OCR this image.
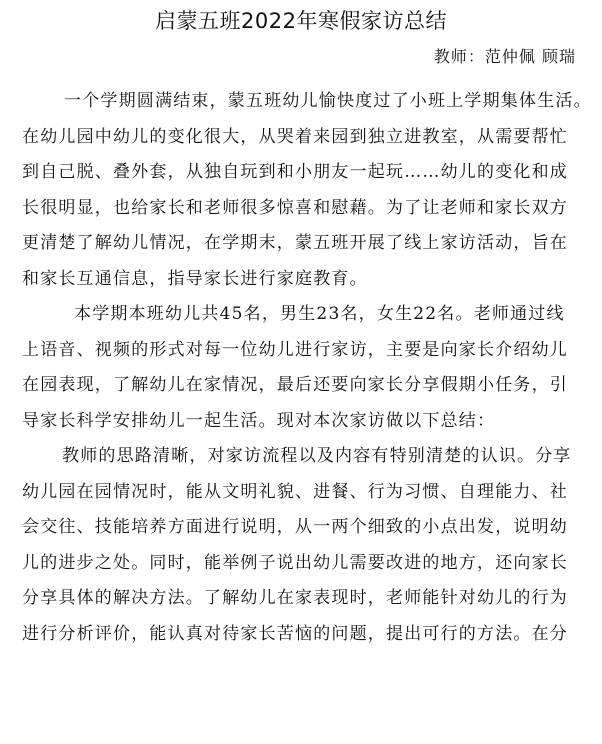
启蒙五班2022年寒假家访总结
教师：范仲佩 顾瑞
一个学期圆满结束，蒙五班幼儿愉快度过了小班上学期集体生活。
在幼儿园中幼儿的变化很大，从哭着来园到独立进教室，从需要帮忙
到自己脱、叠外套，从独自玩到和小朋友一起玩……幼儿的变化和成
长很明显，也给家长和老师很多惊喜和慰藉。为了让老师和家长双方
更清楚了解幼儿情况，在学期末，蒙五班开展了线上家访活动，旨在
和家长互通信息，指导家长进行家庭教育。
本学期本班幼儿共45名，男生23名，女生22名。老师通过线
上语音、视频的形式对每一位幼儿进行家访，主要是向家长介绍幼儿
在园表现，了解幼儿在家情况，最后还要向家长分享假期小任务，引
导家长科学安排幼儿一起生活。现对本次家访做以下总结：
教师的思路清晰，对家访流程以及内容有特别清楚的认识。分享
幼儿园在园情况时，能从文明礼貌、进餐、行为习惯、自理能力、社
会交往、技能培养方面进行说明，从一两个细致的小点出发，说明幼
儿的进步之处。同时，能举例子说出幼儿需要改进的地方，还向家长
分享具体的解决方法。了解幼儿在家表现时，老师能针对幼儿的行为
进行分析评价，能认真对待家长苦恼的问题，提出可行的方法。在分
